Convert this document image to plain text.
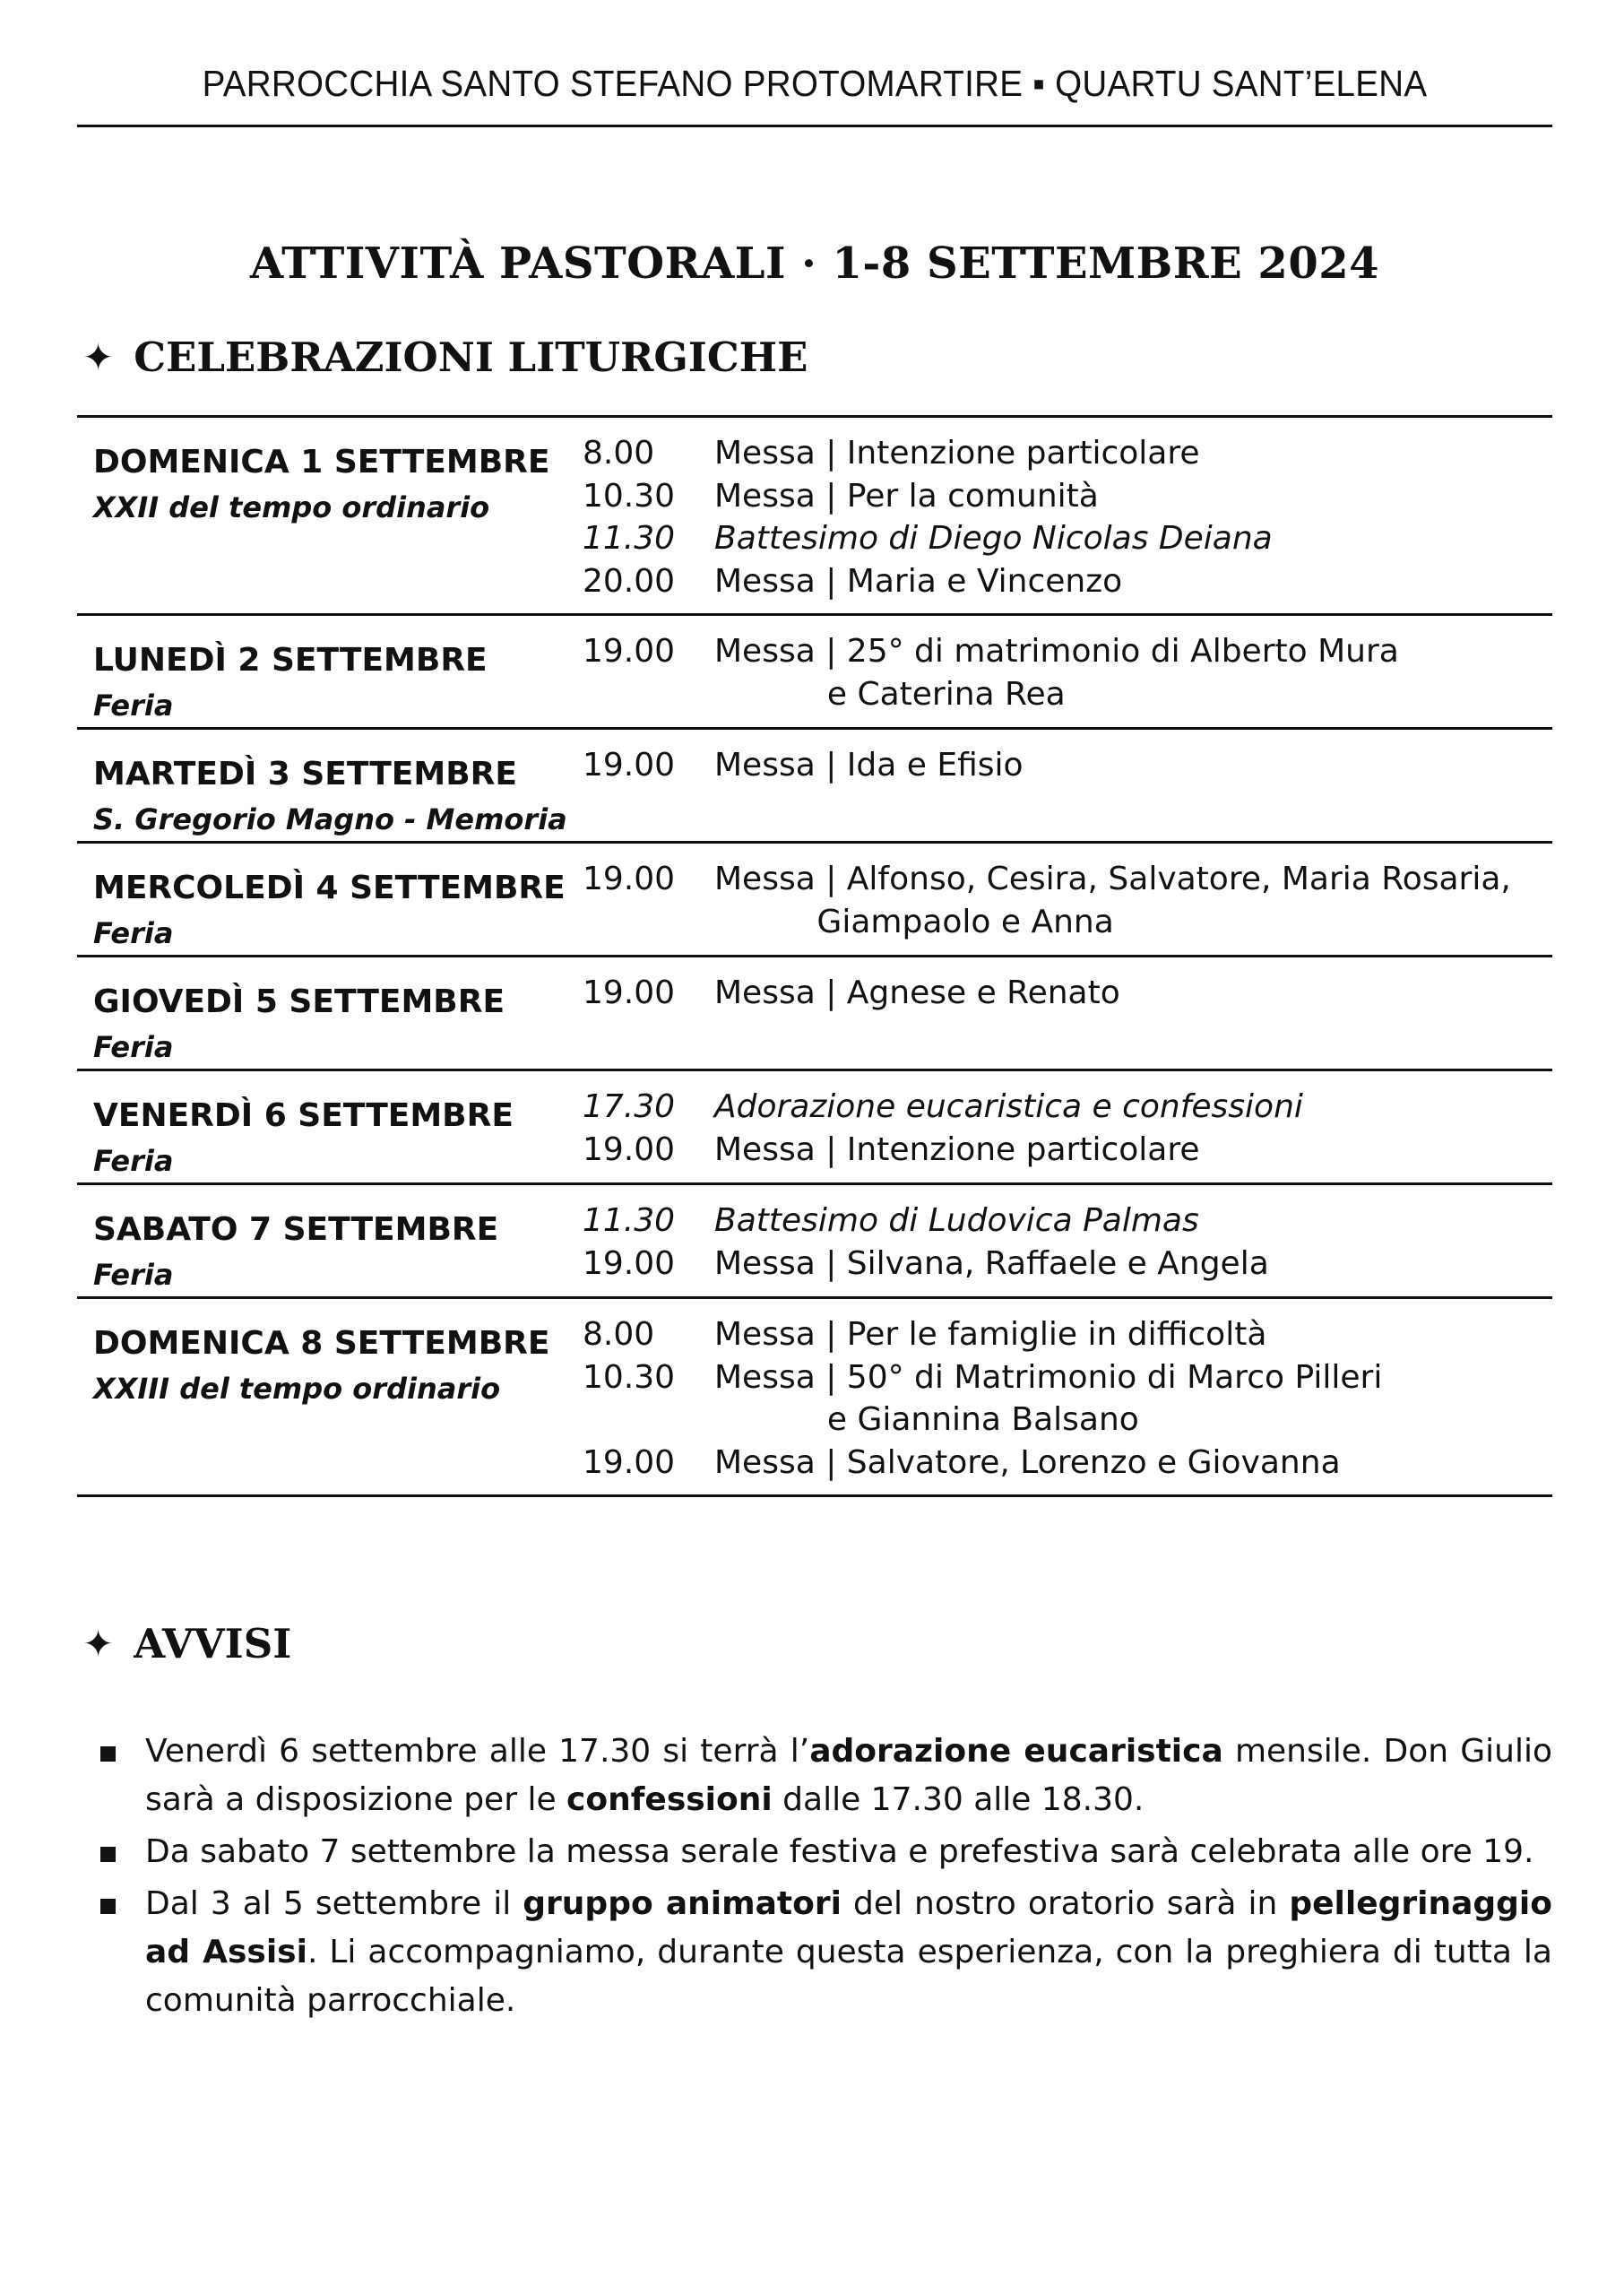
PARROCCHIA SANTO STEFANO PROTOMARTIRE ▪ QUARTU SANT’ELENA
ATTIVITÀ PASTORALI · 1-8 SETTEMBRE 2024
✦ CELEBRAZIONI LITURGICHE
DOMENICA 1 SETTEMBRE
XXII del tempo ordinario
8.00	Messa | Intenzione particolare
10.30	Messa | Per la comunità
11.30	Battesimo di Diego Nicolas Deiana
20.00	Messa | Maria e Vincenzo
LUNEDÌ 2 SETTEMBRE
Feria
19.00	Messa | 25° di matrimonio di Alberto Mura
e Caterina Rea
MARTEDÌ 3 SETTEMBRE
S. Gregorio Magno - Memoria
19.00	Messa | Ida e Efisio
MERCOLEDÌ 4 SETTEMBRE
Feria
19.00	Messa | Alfonso, Cesira, Salvatore, Maria Rosaria,
Giampaolo e Anna
GIOVEDÌ 5 SETTEMBRE
Feria
19.00	Messa | Agnese e Renato
VENERDÌ 6 SETTEMBRE
Feria
17.30	Adorazione eucaristica e confessioni
19.00	Messa | Intenzione particolare
SABATO 7 SETTEMBRE
Feria
11.30	Battesimo di Ludovica Palmas
19.00	Messa | Silvana, Raffaele e Angela
DOMENICA 8 SETTEMBRE
XXIII del tempo ordinario
8.00	Messa | Per le famiglie in difficoltà
10.30	Messa | 50° di Matrimonio di Marco Pilleri
e Giannina Balsano
19.00	Messa | Salvatore, Lorenzo e Giovanna
✦ AVVISI
Venerdì 6 settembre alle 17.30 si terrà l’adorazione eucaristica mensile. Don Giulio sarà a disposizione per le confessioni dalle 17.30 alle 18.30.
Da sabato 7 settembre la messa serale festiva e prefestiva sarà celebrata alle ore 19.
Dal 3 al 5 settembre il gruppo animatori del nostro oratorio sarà in pellegrinaggio ad Assisi. Li accompagniamo, durante questa esperienza, con la preghiera di tutta la comunità parrocchiale.
